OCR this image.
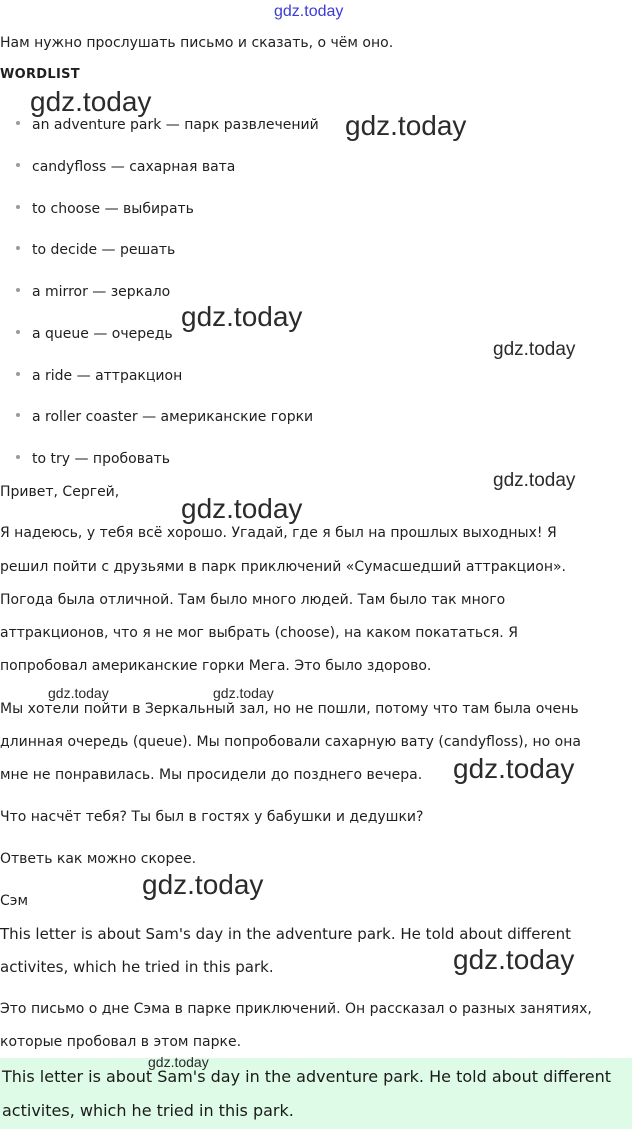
gdz.today
Нам нужно прослушать письмо и сказать, о чём оно.
WORDLIST
an adventure park — парк развлечений
candyfloss — сахарная вата
to choose — выбирать
to decide — решать
a mirror — зеркало
a queue — очередь
a ride — аттракцион
a roller coaster — американские горки
to try — пробовать
Привет, Сергей,
Я надеюсь, у тебя всё хорошо. Угадай, где я был на прошлых выходных! Я
решил пойти с друзьями в парк приключений «Сумасшедший аттракцион».
Погода была отличной. Там было много людей. Там было так много
аттракционов, что я не мог выбрать (choose), на каком покататься. Я
попробовал американские горки Мега. Это было здорово.
Мы хотели пойти в Зеркальный зал, но не пошли, потому что там была очень
длинная очередь (queue). Мы попробовали сахарную вату (candyfloss), но она
мне не понравилась. Мы просидели до позднего вечера.
Что насчёт тебя? Ты был в гостях у бабушки и дедушки?
Ответь как можно скорее.
Сэм
This letter is about Sam's day in the adventure park. He told about different
activites, which he tried in this park.
Это письмо о дне Сэма в парке приключений. Он рассказал о разных занятиях,
которые пробовал в этом парке.
This letter is about Sam's day in the adventure park. He told about different
activites, which he tried in this park.
gdz.today
gdz.today
gdz.today
gdz.today
gdz.today
gdz.today
gdz.today	gdz.today
gdz.today
gdz.today
gdz.today
gdz.today
